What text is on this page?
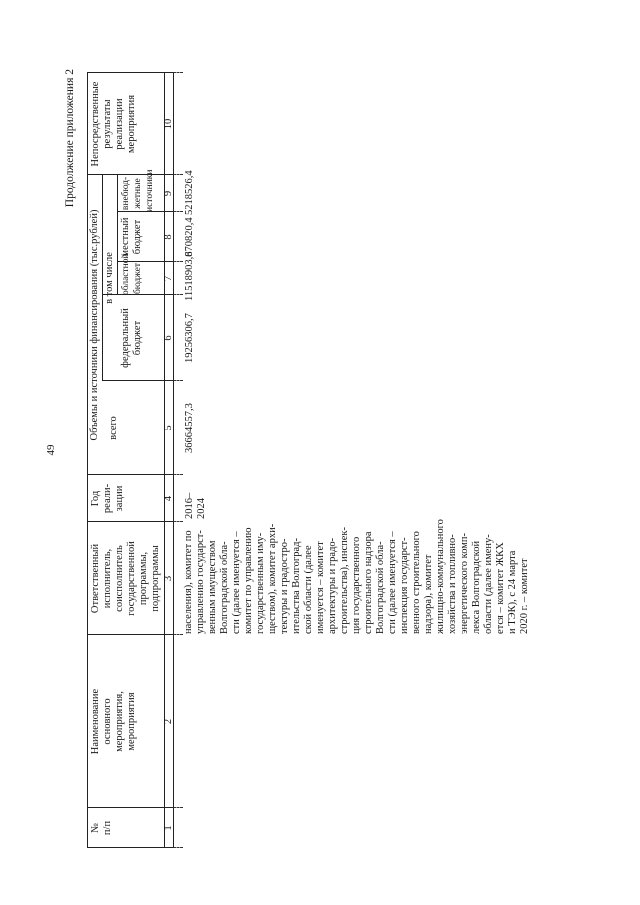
49
Продолжение приложения 2
№ п/п
Наименование основного мероприятия, мероприятия
Ответственный исполнитель, соисполнитель государственной программы, подпрограммы
Год реали- зации
Объемы и источники финансирования (тыс.рублей) в том числе
всего
федеральный бюджет
областной бюджет
местный бюджет
внебюд- жетные источники
Непосредственные результаты реализации мероприятия
1
2
3
4
5
6
7
8
9
10
населения), комитет по управлению государст- венным имуществом Волгоградской обла- сти (далее именуется – комитет по управлению государственным иму- ществом), комитет архи- тектуры и градостро- ительства Волгоград- ской области (далее именуется – комитет архитектуры и градо- строительства), инспек- ция государственного строительного надзора Волгоградской обла- сти (далее именуется – инспекция государст- венного строительного надзора), комитет жилищно-коммунального хозяйства и топливно- энергетического комп- лекса Волгоградской области (далее имену- ется – комитет ЖКХ и ТЭК), с 24 марта 2020 г. – комитет
2016– 2024
36664557,3
19256306,7
11518903,8
670820,4
5218526,4
